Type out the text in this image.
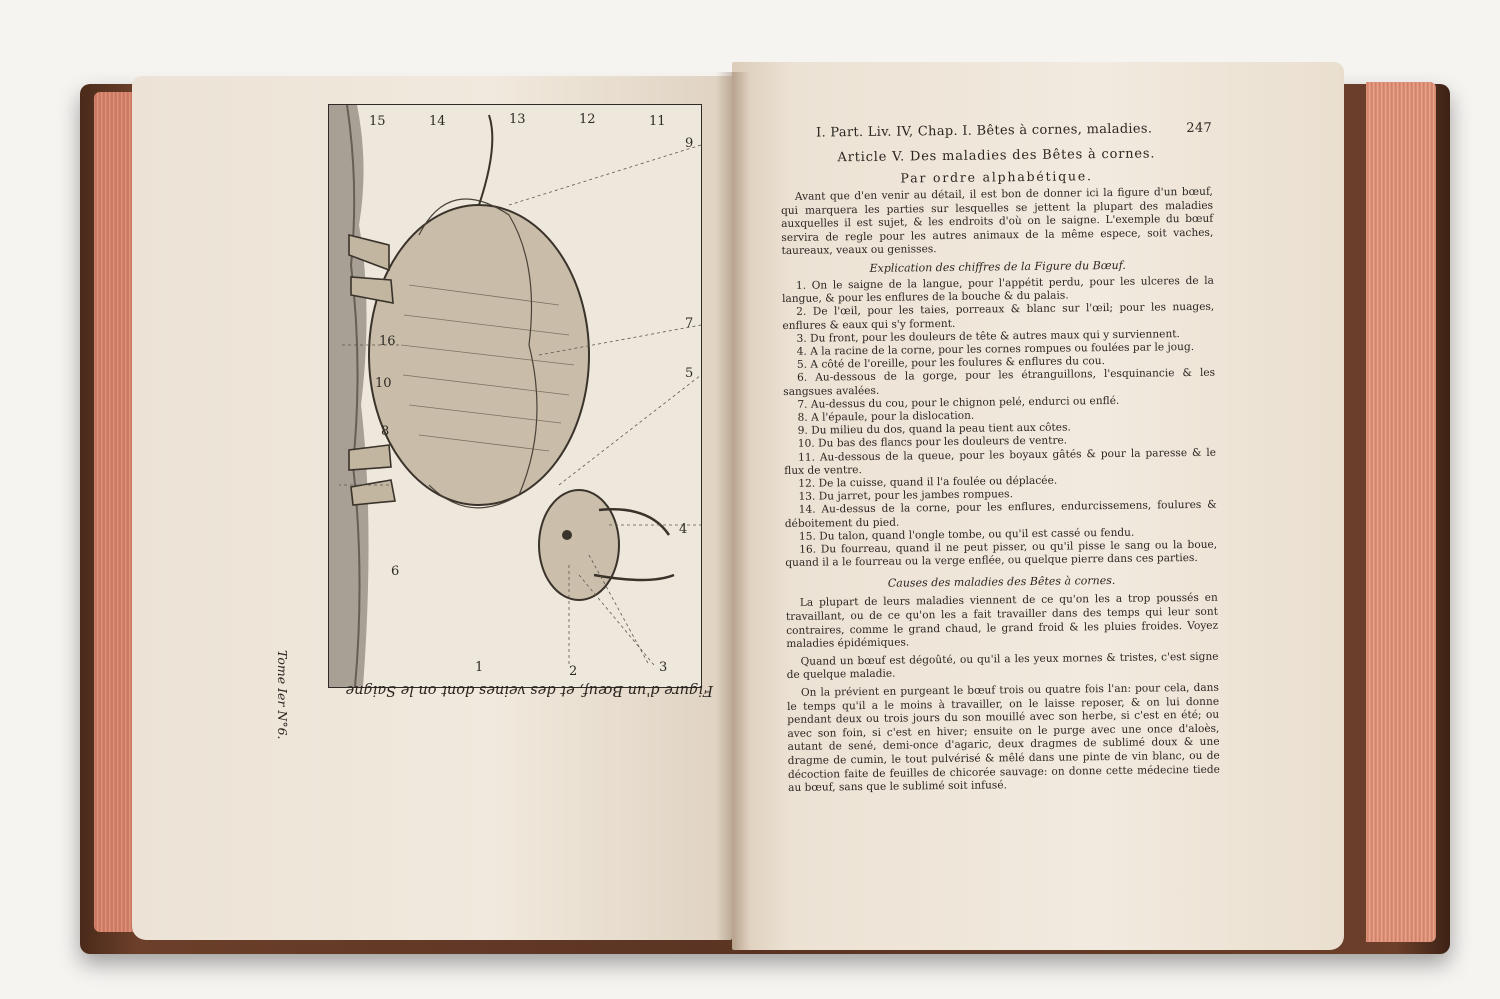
1	2	3
4
5
6
7
8
9
10
11
12
13
14
15
16
Figure d'un Bœuf, et des veines dont on le Saigne
Tome Ier N°6.
I. Part. Liv. IV, Chap. I. Bêtes à cornes, maladies.	247
Article V. Des maladies des Bêtes à cornes.
Par ordre alphabétique.

Avant que d'en venir au détail, il est bon de donner ici la figure d'un bœuf, qui marquera les parties sur lesquelles se jettent la plupart des maladies auxquelles il est sujet, & les endroits d'où on le saigne. L'exemple du bœuf servira de regle pour les autres animaux de la même espece, soit vaches, taureaux, veaux ou genisses.

Explication des chiffres de la Figure du Bœuf.
1. On le saigne de la langue, pour l'appétit perdu, pour les ulceres de la langue, & pour les enflures de la bouche & du palais.
2. De l'œil, pour les taies, porreaux & blanc sur l'œil; pour les nuages, enflures & eaux qui s'y forment.
3. Du front, pour les douleurs de tête & autres maux qui y surviennent.
4. A la racine de la corne, pour les cornes rompues ou foulées par le joug.
5. A côté de l'oreille, pour les foulures & enflures du cou.
6. Au-dessous de la gorge, pour les étranguillons, l'esquinancie & les sangsues avalées.
7. Au-dessus du cou, pour le chignon pelé, endurci ou enflé.
8. A l'épaule, pour la dislocation.
9. Du milieu du dos, quand la peau tient aux côtes.
10. Du bas des flancs pour les douleurs de ventre.
11. Au-dessous de la queue, pour les boyaux gâtés & pour la paresse & le flux de ventre.
12. De la cuisse, quand il l'a foulée ou déplacée.
13. Du jarret, pour les jambes rompues.
14. Au-dessus de la corne, pour les enflures, endurcissemens, foulures & déboitement du pied.
15. Du talon, quand l'ongle tombe, ou qu'il est cassé ou fendu.
16. Du fourreau, quand il ne peut pisser, ou qu'il pisse le sang ou la boue, quand il a le fourreau ou la verge enflée, ou quelque pierre dans ces parties.
Causes des maladies des Bêtes à cornes.

La plupart de leurs maladies viennent de ce qu'on les a trop poussés en travaillant, ou de ce qu'on les a fait travailler dans des temps qui leur sont contraires, comme le grand chaud, le grand froid & les pluies froides. Voyez maladies épidémiques.

Quand un bœuf est dégoûté, ou qu'il a les yeux mornes & tristes, c'est signe de quelque maladie.

On la prévient en purgeant le bœuf trois ou quatre fois l'an: pour cela, dans le temps qu'il a le moins à travailler, on le laisse reposer, & on lui donne pendant deux ou trois jours du son mouillé avec son herbe, si c'est en été; ou avec son foin, si c'est en hiver; ensuite on le purge avec une once d'aloès, autant de sené, demi-once d'agaric, deux dragmes de sublimé doux & une dragme de cumin, le tout pulvérisé & mêlé dans une pinte de vin blanc, ou de décoction faite de feuilles de chicorée sauvage: on donne cette médecine tiede au bœuf, sans que le sublimé soit infusé.
